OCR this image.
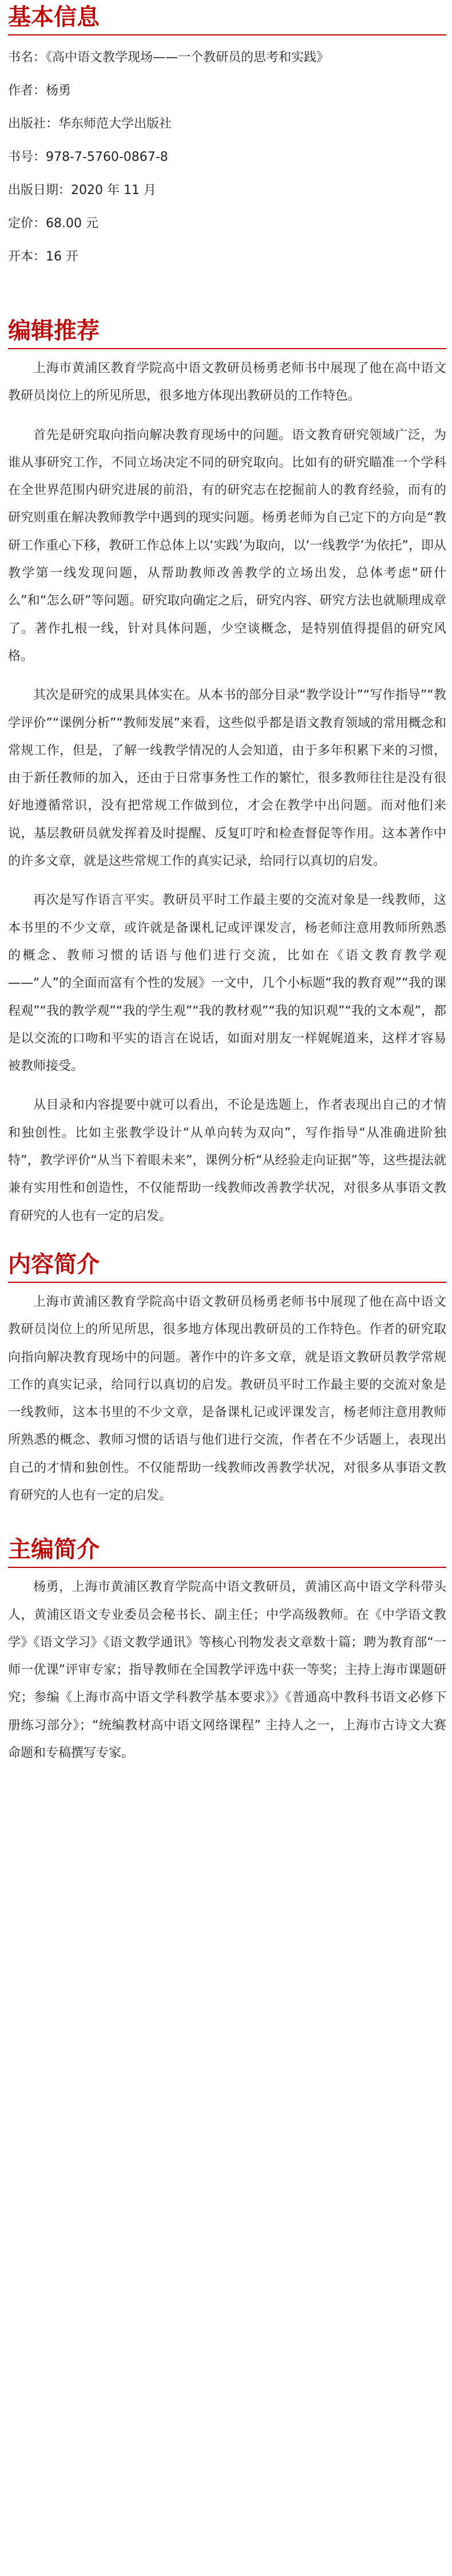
基本信息
书名：《高中语文教学现场——一个教研员的思考和实践》
作者：杨勇
出版社：华东师范大学出版社
书号：978-7-5760-0867-8
出版日期：2020 年 11 月
定价：68.00 元
开本：16 开
编辑推荐

上海市黄浦区教育学院高中语文教研员杨勇老师书中展现了他在高中语文教研员岗位上的所见所思，很多地方体现出教研员的工作特色。

首先是研究取向指向解决教育现场中的问题。语文教育研究领域广泛，为谁从事研究工作，不同立场决定不同的研究取向。比如有的研究瞄准一个学科在全世界范围内研究进展的前沿，有的研究志在挖掘前人的教育经验，而有的研究则重在解决教师教学中遇到的现实问题。杨勇老师为自己定下的方向是“教研工作重心下移，教研工作总体上以‘实践’为取向，以‘一线教学’为依托”，即从教学第一线发现问题，从帮助教师改善教学的立场出发，总体考虑“研什么”和“怎么研”等问题。研究取向确定之后，研究内容、研究方法也就顺理成章了。著作扎根一线，针对具体问题，少空谈概念，是特别值得提倡的研究风格。

其次是研究的成果具体实在。从本书的部分目录“教学设计”“写作指导”“教学评价”“课例分析”“教师发展”来看，这些似乎都是语文教育领域的常用概念和常规工作，但是，了解一线教学情况的人会知道，由于多年积累下来的习惯，由于新任教师的加入，还由于日常事务性工作的繁忙，很多教师往往是没有很好地遵循常识，没有把常规工作做到位，才会在教学中出问题。而对他们来说，基层教研员就发挥着及时提醒、反复叮咛和检查督促等作用。这本著作中的许多文章，就是这些常规工作的真实记录，给同行以真切的启发。

再次是写作语言平实。教研员平时工作最主要的交流对象是一线教师，这本书里的不少文章，或许就是备课札记或评课发言，杨老师注意用教师所熟悉的概念、教师习惯的话语与他们进行交流，比如在《语文教育教学观——“人”的全面而富有个性的发展》一文中，几个小标题“我的教育观”“我的课程观”“我的教学观”“我的学生观”“我的教材观”“我的知识观”“我的文本观”，都是以交流的口吻和平实的语言在说话，如面对朋友一样娓娓道来，这样才容易被教师接受。

从目录和内容提要中就可以看出，不论是选题上，作者表现出自己的才情和独创性。比如主张教学设计“从单向转为双向”，写作指导“从准确进阶独特”，教学评价“从当下着眼未来”，课例分析“从经验走向证据”等，这些提法就兼有实用性和创造性，不仅能帮助一线教师改善教学状况，对很多从事语文教育研究的人也有一定的启发。

内容简介

上海市黄浦区教育学院高中语文教研员杨勇老师书中展现了他在高中语文教研员岗位上的所见所思，很多地方体现出教研员的工作特色。作者的研究取向指向解决教育现场中的问题。著作中的许多文章，就是语文教研员教学常规工作的真实记录，给同行以真切的启发。教研员平时工作最主要的交流对象是一线教师，这本书里的不少文章，是备课札记或评课发言，杨老师注意用教师所熟悉的概念、教师习惯的话语与他们进行交流，作者在不少话题上，表现出自己的才情和独创性。不仅能帮助一线教师改善教学状况，对很多从事语文教育研究的人也有一定的启发。

主编简介

杨勇，上海市黄浦区教育学院高中语文教研员，黄浦区高中语文学科带头人，黄浦区语文专业委员会秘书长、副主任；中学高级教师。在《中学语文教学》《语文学习》《语文教学通讯》等核心刊物发表文章数十篇；聘为教育部“一师一优课”评审专家；指导教师在全国教学评选中获一等奖；主持上海市课题研究；参编《上海市高中语文学科教学基本要求》》《普通高中教科书语文必修下册练习部分》；“统编教材高中语文网络课程” 主持人之一，上海市古诗文大赛命题和专稿撰写专家。
